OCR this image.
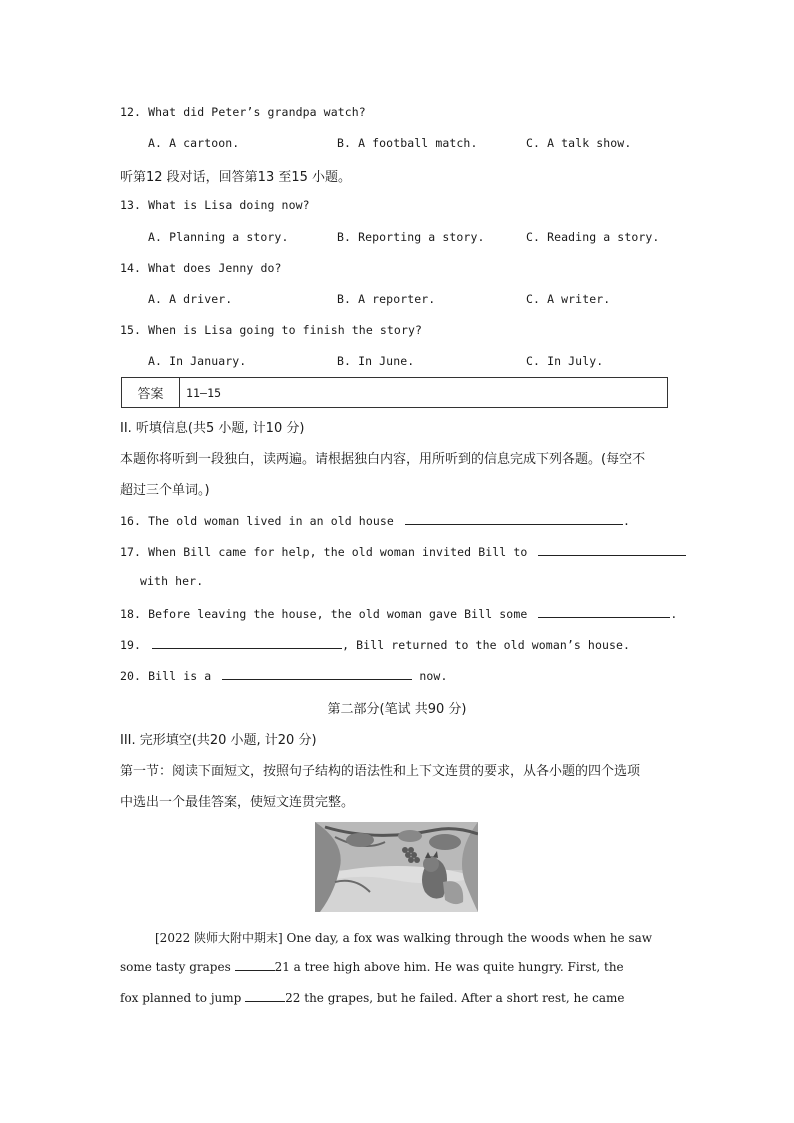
12. What did Peter’s grandpa watch?
A. A cartoon.	B. A football match.	C. A talk show.
听第12 段对话，回答第13 至15 小题。
13. What is Lisa doing now?
A. Planning a story.	B. Reporting a story.	C. Reading a story.
14. What does Jenny do?
A. A driver.	B. A reporter.	C. A writer.
15. When is Lisa going to finish the story?
A. In January.	B. In June.	C. In July.
答案	11—15
II. 听填信息(共5 小题, 计10 分)
本题你将听到一段独白，读两遍。请根据独白内容，用所听到的信息完成下列各题。(每空不
超过三个单词。)
16. The old woman lived in an old house	.
17. When Bill came for help, the old woman invited Bill to
with her.
18. Before leaving the house, the old woman gave Bill some	.
19.	, Bill returned to the old woman’s house.
20. Bill is a	now.
第二部分(笔试 共90 分)
III. 完形填空(共20 小题, 计20 分)
第一节：阅读下面短文，按照句子结构的语法性和上下文连贯的要求，从各小题的四个选项
中选出一个最佳答案，使短文连贯完整。
[2022 陕师大附中期末] One day, a fox was walking through the woods when he saw
some tasty grapes	21 a tree high above him. He was quite hungry. First, the
fox planned to jump	22 the grapes, but he failed. After a short rest, he came
